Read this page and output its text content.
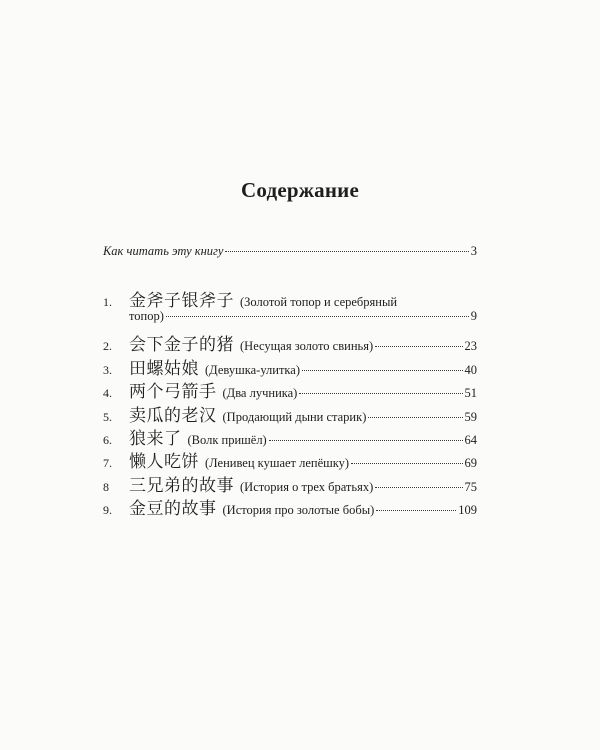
Содержание
Как читать эту книгу	3
1.	金斧子银斧子 (Золотой топор и серебряный
топор)	9
2.	会下金子的猪 (Несущая золото свинья)	23
3.	田螺姑娘 (Девушка-улитка)	40
4.	两个弓箭手 (Два лучника)	51
5.	卖瓜的老汉 (Продающий дыни старик)	59
6.	狼来了 (Волк пришёл)	64
7.	懒人吃饼 (Ленивец кушает лепёшку)	69
8	三兄弟的故事 (История о трех братьях)	75
9.	金豆的故事 (История про золотые бобы)	109
